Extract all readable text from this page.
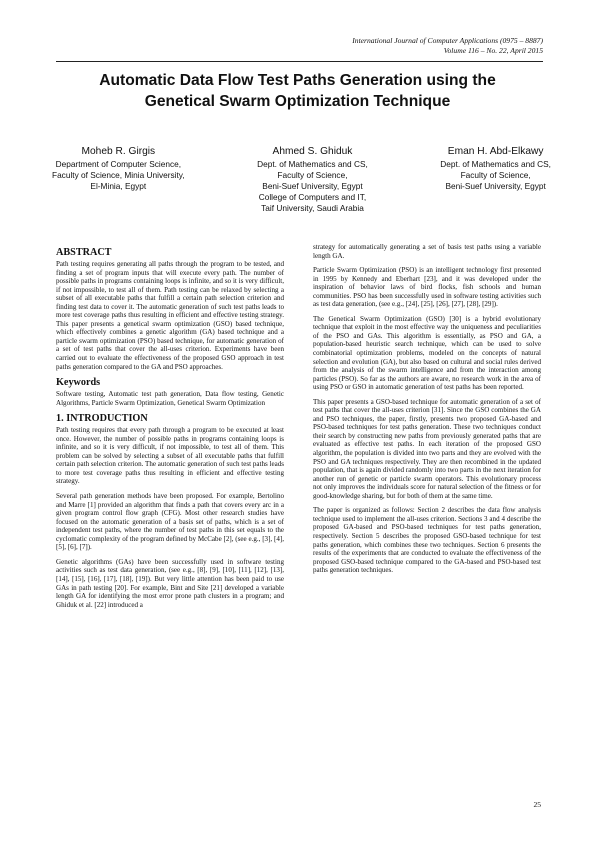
International Journal of Computer Applications (0975 – 8887)
Volume 116 – No. 22, April 2015
Automatic Data Flow Test Paths Generation using the
Genetical Swarm Optimization Technique
Moheb R. Girgis
Department of Computer Science,
Faculty of Science, Minia University,
El-Minia, Egypt
Ahmed S. Ghiduk
Dept. of Mathematics and CS,
Faculty of Science,
Beni-Suef University, Egypt
College of Computers and IT,
Taif University, Saudi Arabia
Eman H. Abd-Elkawy
Dept. of Mathematics and CS,
Faculty of Science,
Beni-Suef University, Egypt
ABSTRACT

Path testing requires generating all paths through the program to be tested, and finding a set of program inputs that will execute every path. The number of possible paths in programs containing loops is infinite, and so it is very difficult, if not impossible, to test all of them. Path testing can be relaxed by selecting a subset of all executable paths that fulfill a certain path selection criterion and finding test data to cover it. The automatic generation of such test paths leads to more test coverage paths thus resulting in efficient and effective testing strategy. This paper presents a genetical swarm optimization (GSO) based technique, which effectively combines a genetic algorithm (GA) based technique and a particle swarm optimization (PSO) based technique, for automatic generation of a set of test paths that cover the all-uses criterion. Experiments have been carried out to evaluate the effectiveness of the proposed GSO approach in test paths generation compared to the GA and PSO approaches.

Keywords

Software testing, Automatic test path generation, Data flow testing, Genetic Algorithms, Particle Swarm Optimization, Genetical Swarm Optimization

1. INTRODUCTION

Path testing requires that every path through a program to be executed at least once. However, the number of possible paths in programs containing loops is infinite, and so it is very difficult, if not impossible, to test all of them. This problem can be solved by selecting a subset of all executable paths that fulfill certain path selection criterion. The automatic generation of such test paths leads to more test coverage paths thus resulting in efficient and effective testing strategy.

Several path generation methods have been proposed. For example, Bertolino and Marre [1] provided an algorithm that finds a path that covers every arc in a given program control flow graph (CFG). Most other research studies have focused on the automatic generation of a basis set of paths, which is a set of independent test paths, where the number of test paths in this set equals to the cyclomatic complexity of the program defined by McCabe [2], (see e.g., [3], [4], [5], [6], [7]).

Genetic algorithms (GAs) have been successfully used in software testing activities such as test data generation, (see e.g., [8], [9], [10], [11], [12], [13], [14], [15], [16], [17], [18], [19]). But very little attention has been paid to use GAs in path testing [20]. For example, Bint and Site [21] developed a variable length GA for identifying the most error prone path clusters in a program; and Ghiduk et al. [22] introduced a

strategy for automatically generating a set of basis test paths using a variable length GA.

Particle Swarm Optimization (PSO) is an intelligent technology first presented in 1995 by Kennedy and Eberhart [23], and it was developed under the inspiration of behavior laws of bird flocks, fish schools and human communities. PSO has been successfully used in software testing activities such as test data generation, (see e.g., [24], [25], [26], [27], [28], [29]).

The Genetical Swarm Optimization (GSO) [30] is a hybrid evolutionary technique that exploit in the most effective way the uniqueness and peculiarities of the PSO and GAs. This algorithm is essentially, as PSO and GA, a population-based heuristic search technique, which can be used to solve combinatorial optimization problems, modeled on the concepts of natural selection and evolution (GA), but also based on cultural and social rules derived from the analysis of the swarm intelligence and from the interaction among particles (PSO). So far as the authors are aware, no research work in the area of using PSO or GSO in automatic generation of test paths has been reported.

This paper presents a GSO-based technique for automatic generation of a set of test paths that cover the all-uses criterion [31]. Since the GSO combines the GA and PSO techniques, the paper, firstly, presents two proposed GA-based and PSO-based techniques for test paths generation. These two techniques conduct their search by constructing new paths from previously generated paths that are evaluated as effective test paths. In each iteration of the proposed GSO algorithm, the population is divided into two parts and they are evolved with the PSO and GA techniques respectively. They are then recombined in the updated population, that is again divided randomly into two parts in the next iteration for another run of genetic or particle swarm operators. This evolutionary process not only improves the individuals score for natural selection of the fitness or for good-knowledge sharing, but for both of them at the same time.

The paper is organized as follows: Section 2 describes the data flow analysis technique used to implement the all-uses criterion. Sections 3 and 4 describe the proposed GA-based and PSO-based techniques for test paths generation, respectively. Section 5 describes the proposed GSO-based technique for test paths generation, which combines these two techniques. Section 6 presents the results of the experiments that are conducted to evaluate the effectiveness of the proposed GSO-based technique compared to the GA-based and PSO-based test paths generation techniques.

25
